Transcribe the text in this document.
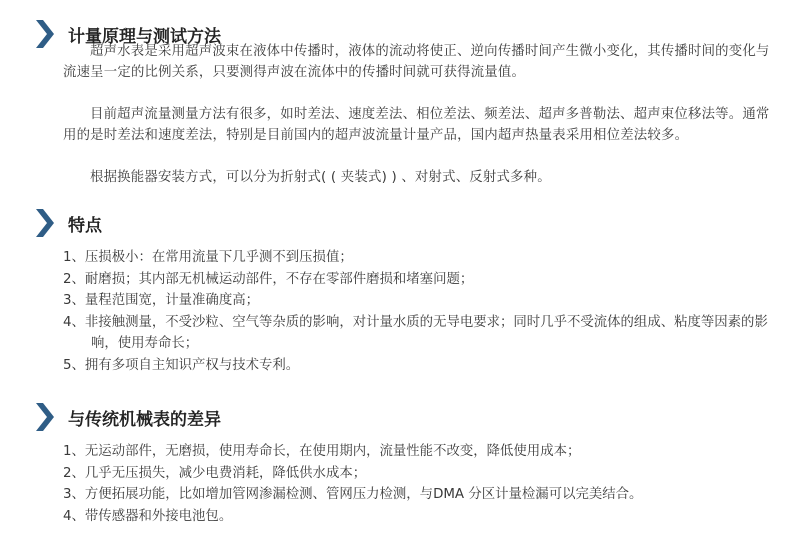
计量原理与测试方法

超声水表是采用超声波束在液体中传播时，液体的流动将使正、逆向传播时间产生微小变化，其传播时间的变化与流速呈一定的比例关系，只要测得声波在流体中的传播时间就可获得流量值。

目前超声流量测量方法有很多，如时差法、速度差法、相位差法、频差法、超声多普勒法、超声束位移法等。通常用的是时差法和速度差法，特别是目前国内的超声波流量计量产品，国内超声热量表采用相位差法较多。

根据换能器安装方式，可以分为折射式( ( 夹装式) ) 、对射式、反射式多种。

特点
1、压损极小：在常用流量下几乎测不到压损值；
2、耐磨损；其内部无机械运动部件，不存在零部件磨损和堵塞问题；
3、量程范围宽，计量准确度高；
4、非接触测量，不受沙粒、空气等杂质的影响，对计量水质的无导电要求；同时几乎不受流体的组成、粘度等因素的影响，使用寿命长；
5、拥有多项自主知识产权与技术专利。
与传统机械表的差异
1、无运动部件，无磨损，使用寿命长，在使用期内，流量性能不改变，降低使用成本；
2、几乎无压损失，减少电费消耗，降低供水成本；
3、方便拓展功能，比如增加管网渗漏检测、管网压力检测，与DMA 分区计量检漏可以完美结合。
4、带传感器和外接电池包。
